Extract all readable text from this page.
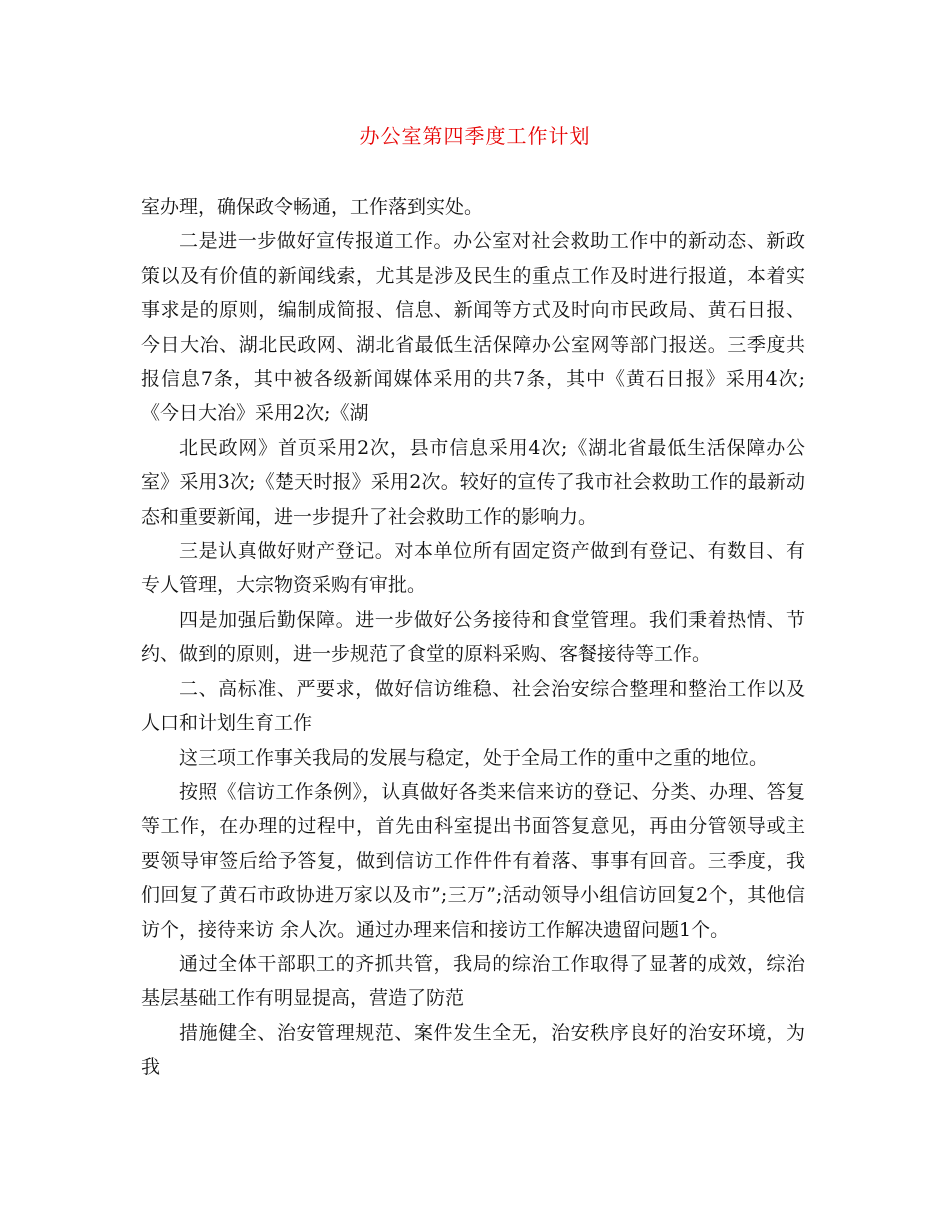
办公室第四季度工作计划

室办理，确保政令畅通，工作落到实处。

二是进一步做好宣传报道工作。办公室对社会救助工作中的新动态、新政策以及有价值的新闻线索，尤其是涉及民生的重点工作及时进行报道，本着实事求是的原则，编制成简报、信息、新闻等方式及时向市民政局、黄石日报、今日大冶、湖北民政网、湖北省最低生活保障办公室网等部门报送。三季度共报信息7条，其中被各级新闻媒体采用的共7条，其中《黄石日报》采用4次;《今日大冶》采用2次;《湖

北民政网》首页采用2次，县市信息采用4次;《湖北省最低生活保障办公室》采用3次;《楚天时报》采用2次。较好的宣传了我市社会救助工作的最新动态和重要新闻，进一步提升了社会救助工作的影响力。

三是认真做好财产登记。对本单位所有固定资产做到有登记、有数目、有专人管理，大宗物资采购有审批。

四是加强后勤保障。进一步做好公务接待和食堂管理。我们秉着热情、节约、做到的原则，进一步规范了食堂的原料采购、客餐接待等工作。

二、高标准、严要求，做好信访维稳、社会治安综合整理和整治工作以及人口和计划生育工作

这三项工作事关我局的发展与稳定，处于全局工作的重中之重的地位。

按照《信访工作条例》，认真做好各类来信来访的登记、分类、办理、答复等工作，在办理的过程中，首先由科室提出书面答复意见，再由分管领导或主要领导审签后给予答复，做到信访工作件件有着落、事事有回音。三季度，我们回复了黄石市政协进万家以及市”;三万”;活动领导小组信访回复2个，其他信访个，接待来访 余人次。通过办理来信和接访工作解决遗留问题1个。

通过全体干部职工的齐抓共管，我局的综治工作取得了显著的成效，综治基层基础工作有明显提高，营造了防范

措施健全、治安管理规范、案件发生全无，治安秩序良好的治安环境，为我
